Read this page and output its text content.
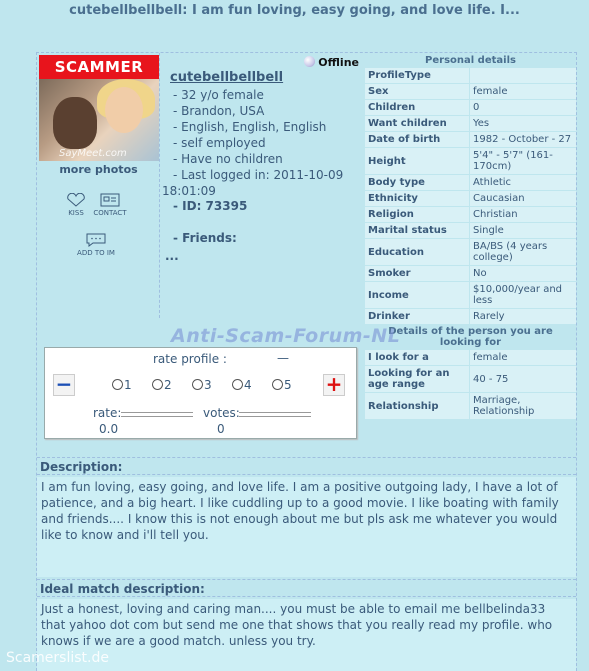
cutebellbellbell: I am fun loving, easy going, and love life. I...
SCAMMER
SayMeet.com
more photos
KISS	CONTACT
ADD TO IM
Offline
cutebellbellbell
- 32 y/o female
- Brandon, USA
- English, English, English
- self employed
- Have no children
- Last logged in: 2011-10-09 18:01:09
- ID: 73395
- Friends:
...
Personal details	
ProfileType	
Sex	female
Children	0
Want children	Yes
Date of birth	1982 - October - 27
Height	5'4" - 5'7" (161-170cm)
Body type	Athletic
Ethnicity	Caucasian
Religion	Christian
Marital status	Single
Education	BA/BS (4 years college)
Smoker	No
Income	$10,000/year and less
Drinker	Rarely
Details of the person you are looking for	
I look for a	female
Looking for an age range	40 - 75
Relationship	Marriage, Relationship
Anti-Scam-Forum-NL
rate profile :	—
−	1	2	3	4	5	+
rate:
0.0
votes:
0
Description:
I am fun loving, easy going, and love life. I am a positive outgoing lady, I have a lot of patience, and a big heart. I like cuddling up to a good movie. I like boating with family and friends.... I know this is not enough about me but pls ask me whatever you would like to know and i'll tell you.
Ideal match description:
Just a honest, loving and caring man.... you must be able to email me bellbelinda33 that yahoo dot com but send me one that shows that you really read my profile. who knows if we are a good match. unless you try.
Scamerslist.de
